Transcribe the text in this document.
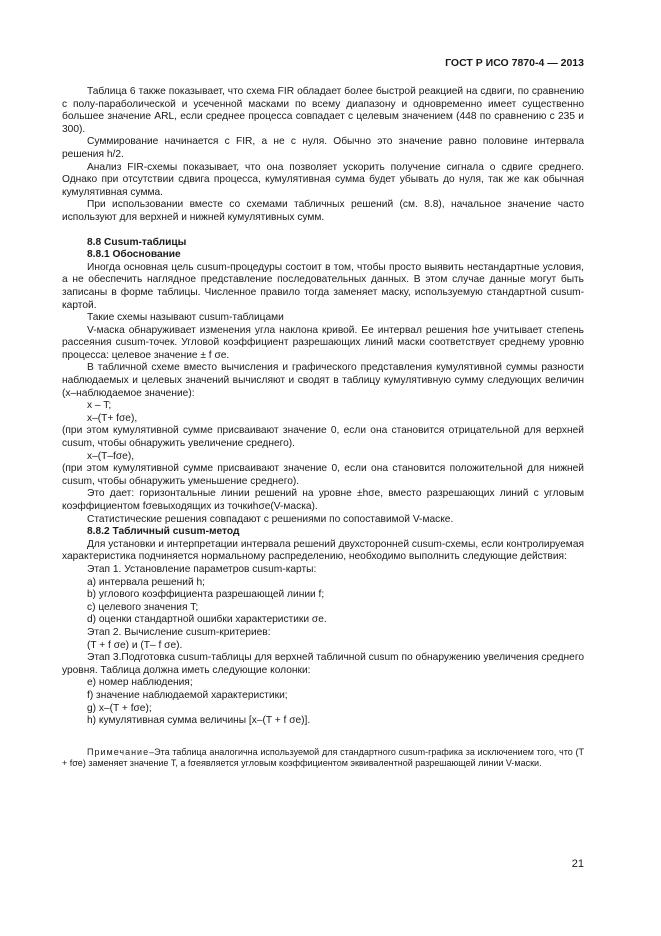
ГОСТ Р ИСО 7870-4 — 2013

Таблица 6 также показывает, что схема FIR обладает более быстрой реакцией на сдвиги, по сравнению с полу-параболической и усеченной масками по всему диапазону и одновременно имеет существенно большее значение ARL, если среднее процесса совпадает с целевым значением (448 по сравнению с 235 и 300).

Суммирование начинается с FIR, а не с нуля. Обычно это значение равно половине интервала решения h/2.

Анализ FIR-схемы показывает, что она позволяет ускорить получение сигнала о сдвиге среднего. Однако при отсутствии сдвига процесса, кумулятивная сумма будет убывать до нуля, так же как обычная кумулятивная сумма.

При использовании вместе со схемами табличных решений (см. 8.8), начальное значение часто используют для верхней и нижней кумулятивных сумм.

8.8 Cusum-таблицы

8.8.1 Обоснование

Иногда основная цель cusum-процедуры состоит в том, чтобы просто выявить нестандартные условия, а не обеспечить наглядное представление последовательных данных. В этом случае данные могут быть записаны в форме таблицы. Численное правило тогда заменяет маску, используемую стандартной cusum-картой.

Такие схемы называют cusum-таблицами

V-маска обнаруживает изменения угла наклона кривой. Ее интервал решения hσe учитывает степень рассеяния cusum-точек. Угловой коэффициент разрешающих линий маски соответствует среднему уровню процесса: целевое значение ± f σe.

В табличной схеме вместо вычисления и графического представления кумулятивной суммы разности наблюдаемых и целевых значений вычисляют и сводят в таблицу кумулятивную сумму следующих величин (x–наблюдаемое значение):

x – T;

x–(T+ fσe),

(при этом кумулятивной сумме присваивают значение 0, если она становится отрицательной для верхней cusum, чтобы обнаружить увеличение среднего).

x–(T–fσe),

(при этом кумулятивной сумме присваивают значение 0, если она становится положительной для нижней cusum, чтобы обнаружить уменьшение среднего).

Это дает: горизонтальные линии решений на уровне ±hσe, вместо разрешающих линий с угловым коэффициентом fσeвыходящих из точкиhσe(V-маска).

Статистические решения совпадают с решениями по сопоставимой V-маске.

8.8.2 Табличный cusum-метод

Для установки и интерпретации интервала решений двухсторонней cusum-схемы, если контролируемая характеристика подчиняется нормальному распределению, необходимо выполнить следующие действия:

Этап 1. Установление параметров cusum-карты:

a) интервала решений h;

b) углового коэффициента разрешающей линии f;

c) целевого значения T;

d) оценки стандартной ошибки характеристики σe.

Этап 2. Вычисление cusum-критериев:

(T + f σe) и (T– f σe).

Этап 3.Подготовка cusum-таблицы для верхней табличной cusum по обнаружению увеличения среднего уровня. Таблица должна иметь следующие колонки:

e) номер наблюдения;

f) значение наблюдаемой характеристики;

g) x–(T + fσe);

h) кумулятивная сумма величины [x–(T + f σe)].

Примечание–Эта таблица аналогична используемой для стандартного cusum-графика за исключением того, что (T + fσe) заменяет значение T, а fσeявляется угловым коэффициентом эквивалентной разрешающей линии V-маски.

21
